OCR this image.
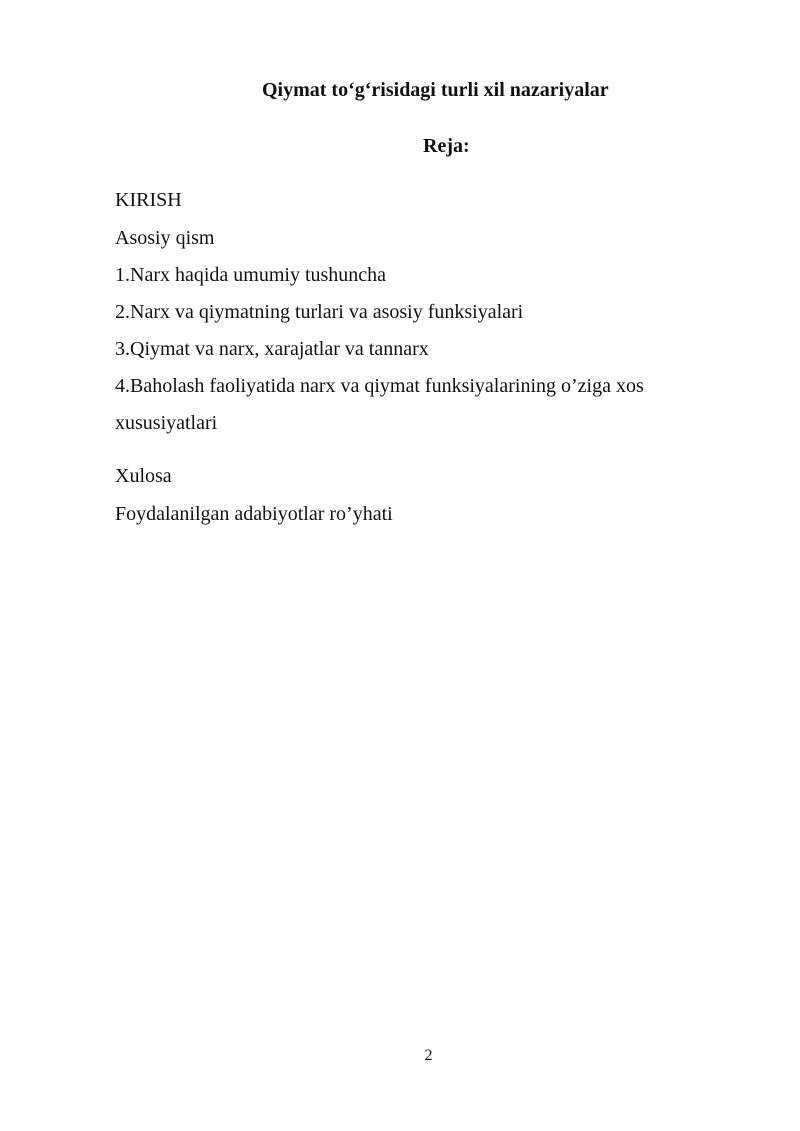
Qiymat to‘g‘risidagi turli xil nazariyalar
Reja:
KIRISH
Asosiy qism
1.Narx haqida umumiy tushuncha
2.Narx va qiymatning turlari va asosiy funksiyalari
3.Qiymat va narx, xarajatlar va tannarx
4.Baholash faoliyatida narx va qiymat funksiyalarining o’ziga xos
xususiyatlari
Xulosa
Foydalanilgan adabiyotlar ro’yhati
2
